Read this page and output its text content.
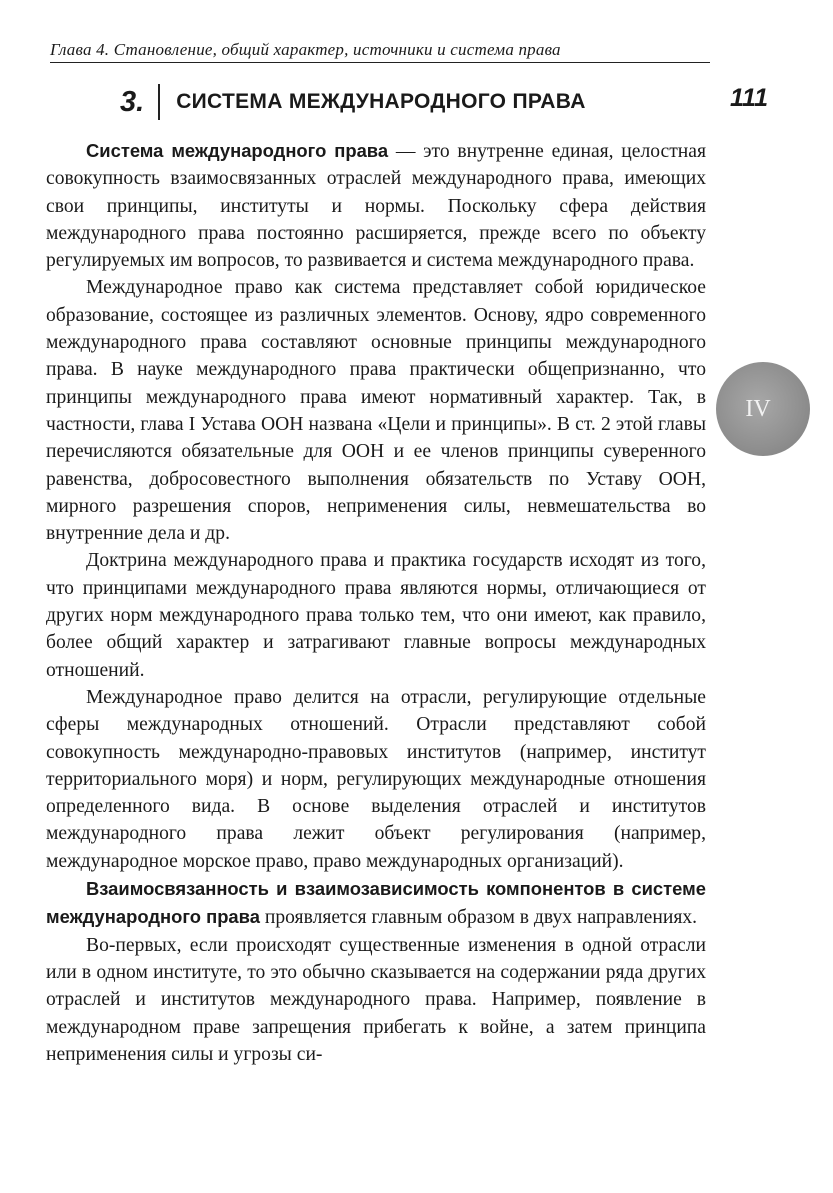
Глава 4. Становление, общий характер, источники и система права
3. СИСТЕМА МЕЖДУНАРОДНОГО ПРАВА	111
IV

Система международного права — это внутренне единая, целостная совокупность взаимосвязанных отраслей международного права, имеющих свои принципы, институты и нормы. Поскольку сфера действия международного права постоянно расширяется, прежде всего по объекту регулируемых им вопросов, то развивается и система международного права.

Международное право как система представляет собой юридическое образование, состоящее из различных элементов. Основу, ядро современного международного права составляют основные принципы международного права. В науке международного права практически общепризнанно, что принципы международного права имеют нормативный характер. Так, в частности, глава I Устава ООН названа «Цели и принципы». В ст. 2 этой главы перечисляются обязательные для ООН и ее членов принципы суверенного равенства, добросовестного выполнения обязательств по Уставу ООН, мирного разрешения споров, неприменения силы, невмешательства во внутренние дела и др.

Доктрина международного права и практика государств исходят из того, что принципами международного права являются нормы, отличающиеся от других норм международного права только тем, что они имеют, как правило, более общий характер и затрагивают главные вопросы международных отношений.

Международное право делится на отрасли, регулирующие отдельные сферы международных отношений. Отрасли представляют собой совокупность международно-правовых институтов (например, институт территориального моря) и норм, регулирующих международные отношения определенного вида. В основе выделения отраслей и институтов международного права лежит объект регулирования (например, международное морское право, право международных организаций).

Взаимосвязанность и взаимозависимость компонентов в системе международного права проявляется главным образом в двух направлениях.

Во-первых, если происходят существенные изменения в одной отрасли или в одном институте, то это обычно сказывается на содержании ряда других отраслей и институтов международного права. Например, появление в международном праве запрещения прибегать к войне, а затем принципа неприменения силы и угрозы си-
